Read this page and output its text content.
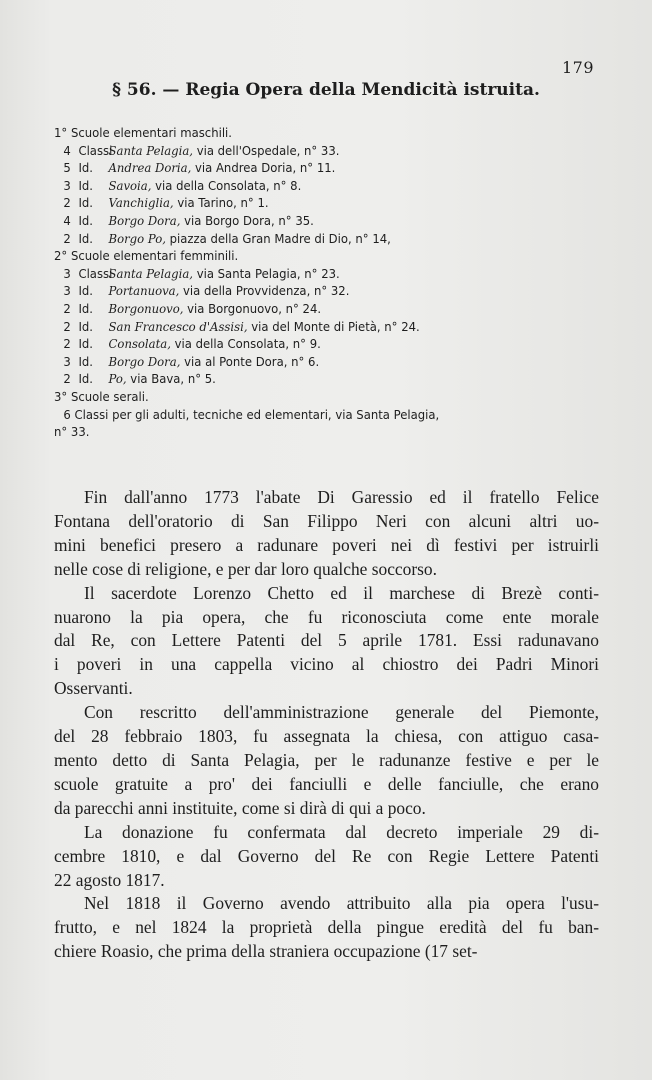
179
§ 56. — Regia Opera della Mendicità istruita.
1° Scuole elementari maschili.
4 ClassiSanta Pelagia, via dell'Ospedale, n° 33.
5 Id. Andrea Doria, via Andrea Doria, n° 11.
3 Id. Savoia, via della Consolata, n° 8.
2 Id. Vanchiglia, via Tarino, n° 1.
4 Id. Borgo Dora, via Borgo Dora, n° 35.
2 Id. Borgo Po, piazza della Gran Madre di Dio, n° 14,
2° Scuole elementari femminili.
3 ClassiSanta Pelagia, via Santa Pelagia, n° 23.
3 Id. Portanuova, via della Provvidenza, n° 32.
2 Id. Borgonuovo, via Borgonuovo, n° 24.
2 Id. San Francesco d'Assisi, via del Monte di Pietà, n° 24.
2 Id. Consolata, via della Consolata, n° 9.
3 Id. Borgo Dora, via al Ponte Dora, n° 6.
2 Id. Po, via Bava, n° 5.
3° Scuole serali.
6 Classi per gli adulti, tecniche ed elementari, via Santa Pelagia,
n° 33.

Fin dall'anno 1773 l'abate Di Garessio ed il fratello Felice
Fontana dell'oratorio di San Filippo Neri con alcuni altri uo-
mini benefici presero a radunare poveri nei dì festivi per istruirli
nelle cose di religione, e per dar loro qualche soccorso.

Il sacerdote Lorenzo Chetto ed il marchese di Brezè conti-
nuarono la pia opera, che fu riconosciuta come ente morale
dal Re, con Lettere Patenti del 5 aprile 1781. Essi radunavano
i poveri in una cappella vicino al chiostro dei Padri Minori
Osservanti.

Con rescritto dell'amministrazione generale del Piemonte,
del 28 febbraio 1803, fu assegnata la chiesa, con attiguo casa-
mento detto di Santa Pelagia, per le radunanze festive e per le
scuole gratuite a pro' dei fanciulli e delle fanciulle, che erano
da parecchi anni instituite, come si dirà di qui a poco.

La donazione fu confermata dal decreto imperiale 29 di-
cembre 1810, e dal Governo del Re con Regie Lettere Patenti
22 agosto 1817.

Nel 1818 il Governo avendo attribuito alla pia opera l'usu-
frutto, e nel 1824 la proprietà della pingue eredità del fu ban-
chiere Roasio, che prima della straniera occupazione (17 set-
